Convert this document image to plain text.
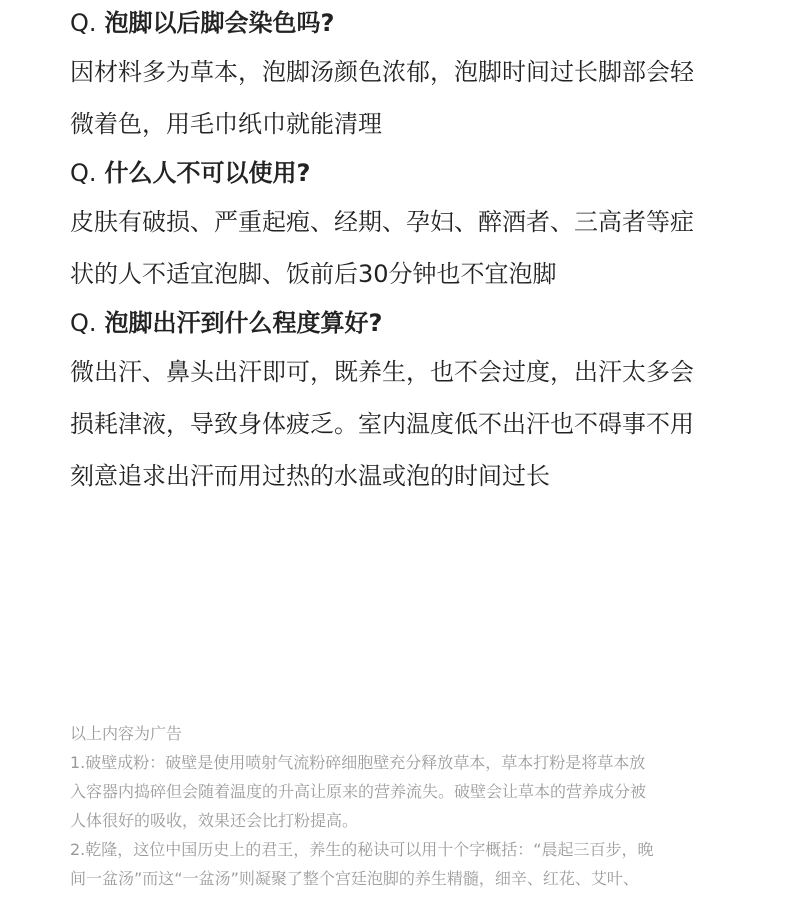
Q. 泡脚以后脚会染色吗?
因材料多为草本，泡脚汤颜色浓郁，泡脚时间过长脚部会轻
微着色，用毛巾纸巾就能清理
Q. 什么人不可以使用?
皮肤有破损、严重起疱、经期、孕妇、醉酒者、三高者等症
状的人不适宜泡脚、饭前后30分钟也不宜泡脚
Q. 泡脚出汗到什么程度算好?
微出汗、鼻头出汗即可，既养生，也不会过度，出汗太多会
损耗津液，导致身体疲乏。室内温度低不出汗也不碍事不用
刻意追求出汗而用过热的水温或泡的时间过长
以上内容为广告
1.破壁成粉：破壁是使用喷射气流粉碎细胞壁充分释放草本，草本打粉是将草本放
入容器内捣碎但会随着温度的升高让原来的营养流失。破壁会让草本的营养成分被
人体很好的吸收，效果还会比打粉提高。
2.乾隆，这位中国历史上的君王，养生的秘诀可以用十个字概括：“晨起三百步，晚
间一盆汤”而这“一盆汤”则凝聚了整个宫廷泡脚的养生精髓，细辛、红花、艾叶、
